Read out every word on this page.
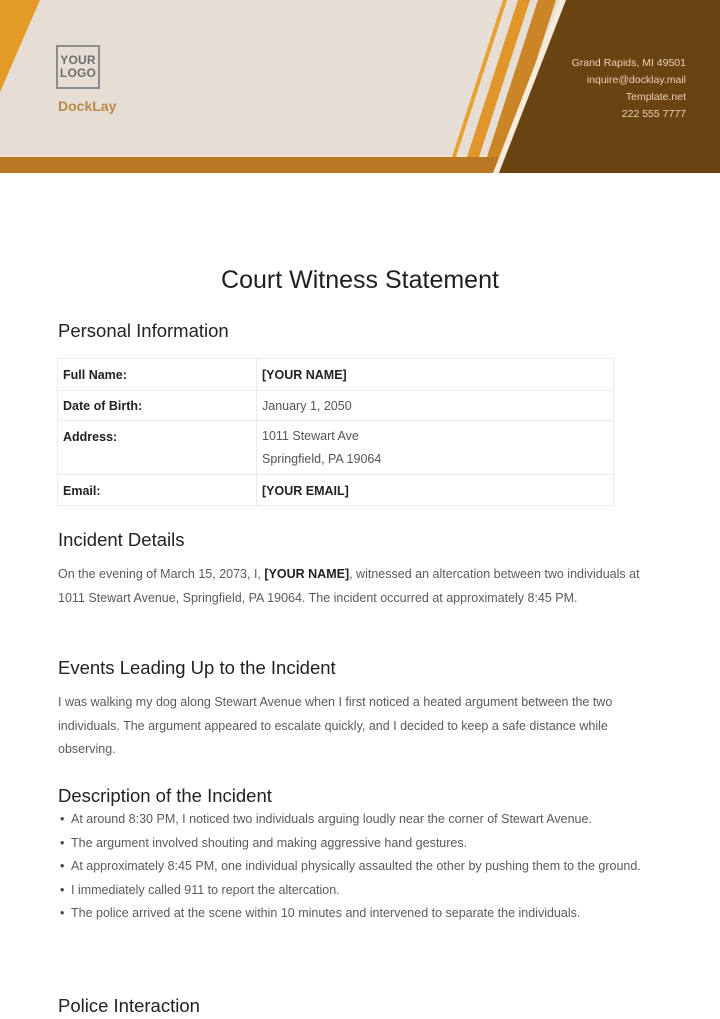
YOUR
LOGO
DockLay
Grand Rapids, MI 49501
inquire@docklay.mail
Template.net
222 555 7777
Court Witness Statement
Personal Information
Full Name:	[YOUR NAME]
Date of Birth:	January 1, 2050
Address:	1011 Stewart Ave
Springfield, PA 19064

Email:	[YOUR EMAIL]
Incident Details

On the evening of March 15, 2073, I, [YOUR NAME], witnessed an altercation between two individuals at 1011 Stewart Avenue, Springfield, PA 19064. The incident occurred at approximately 8:45 PM.

Events Leading Up to the Incident

I was walking my dog along Stewart Avenue when I first noticed a heated argument between the two individuals. The argument appeared to escalate quickly, and I decided to keep a safe distance while observing.

Description of the Incident
• At around 8:30 PM, I noticed two individuals arguing loudly near the corner of Stewart Avenue.
• The argument involved shouting and making aggressive hand gestures.
• At approximately 8:45 PM, one individual physically assaulted the other by pushing them to the ground.
• I immediately called 911 to report the altercation.
• The police arrived at the scene within 10 minutes and intervened to separate the individuals.
Police Interaction
